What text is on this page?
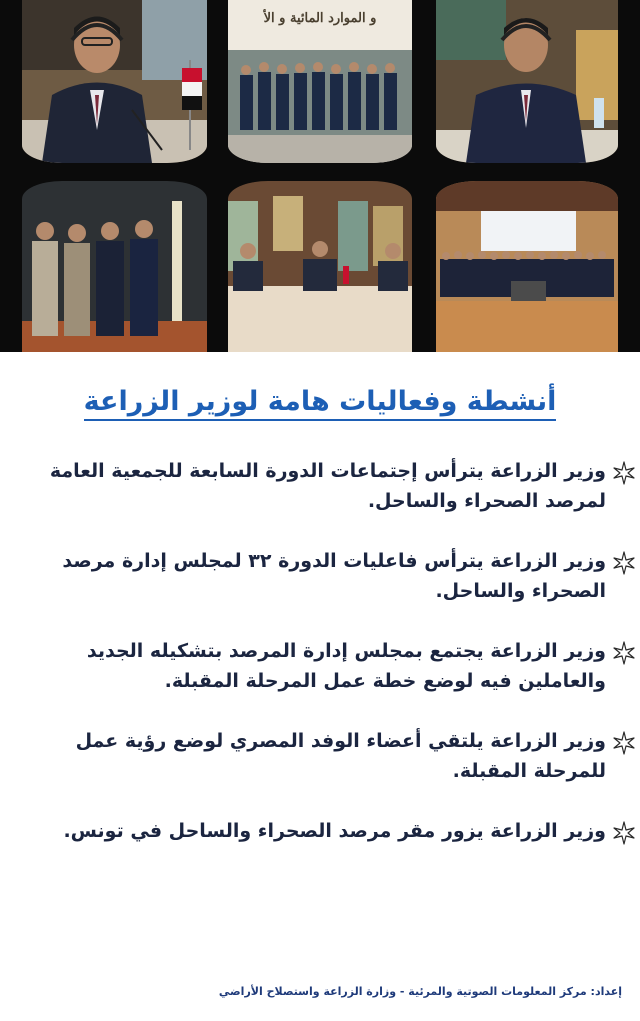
و الموارد المائية و الأ
أنشطة وفعاليات هامة لوزير الزراعة
وزير الزراعة يترأس إجتماعات الدورة السابعة للجمعية العامة لمرصد الصحراء والساحل.
وزير الزراعة يترأس فاعليات الدورة ٣٢ لمجلس إدارة مرصد الصحراء والساحل.
وزير الزراعة يجتمع بمجلس إدارة المرصد بتشكيله الجديد والعاملين فيه لوضع خطة عمل المرحلة المقبلة.
وزير الزراعة يلتقي أعضاء الوفد المصري لوضع رؤية عمل للمرحلة المقبلة.
وزير الزراعة يزور مقر مرصد الصحراء والساحل في تونس.

إعداد: مركز المعلومات الصوتية والمرئية - وزارة الزراعة واستصلاح الأراضي
